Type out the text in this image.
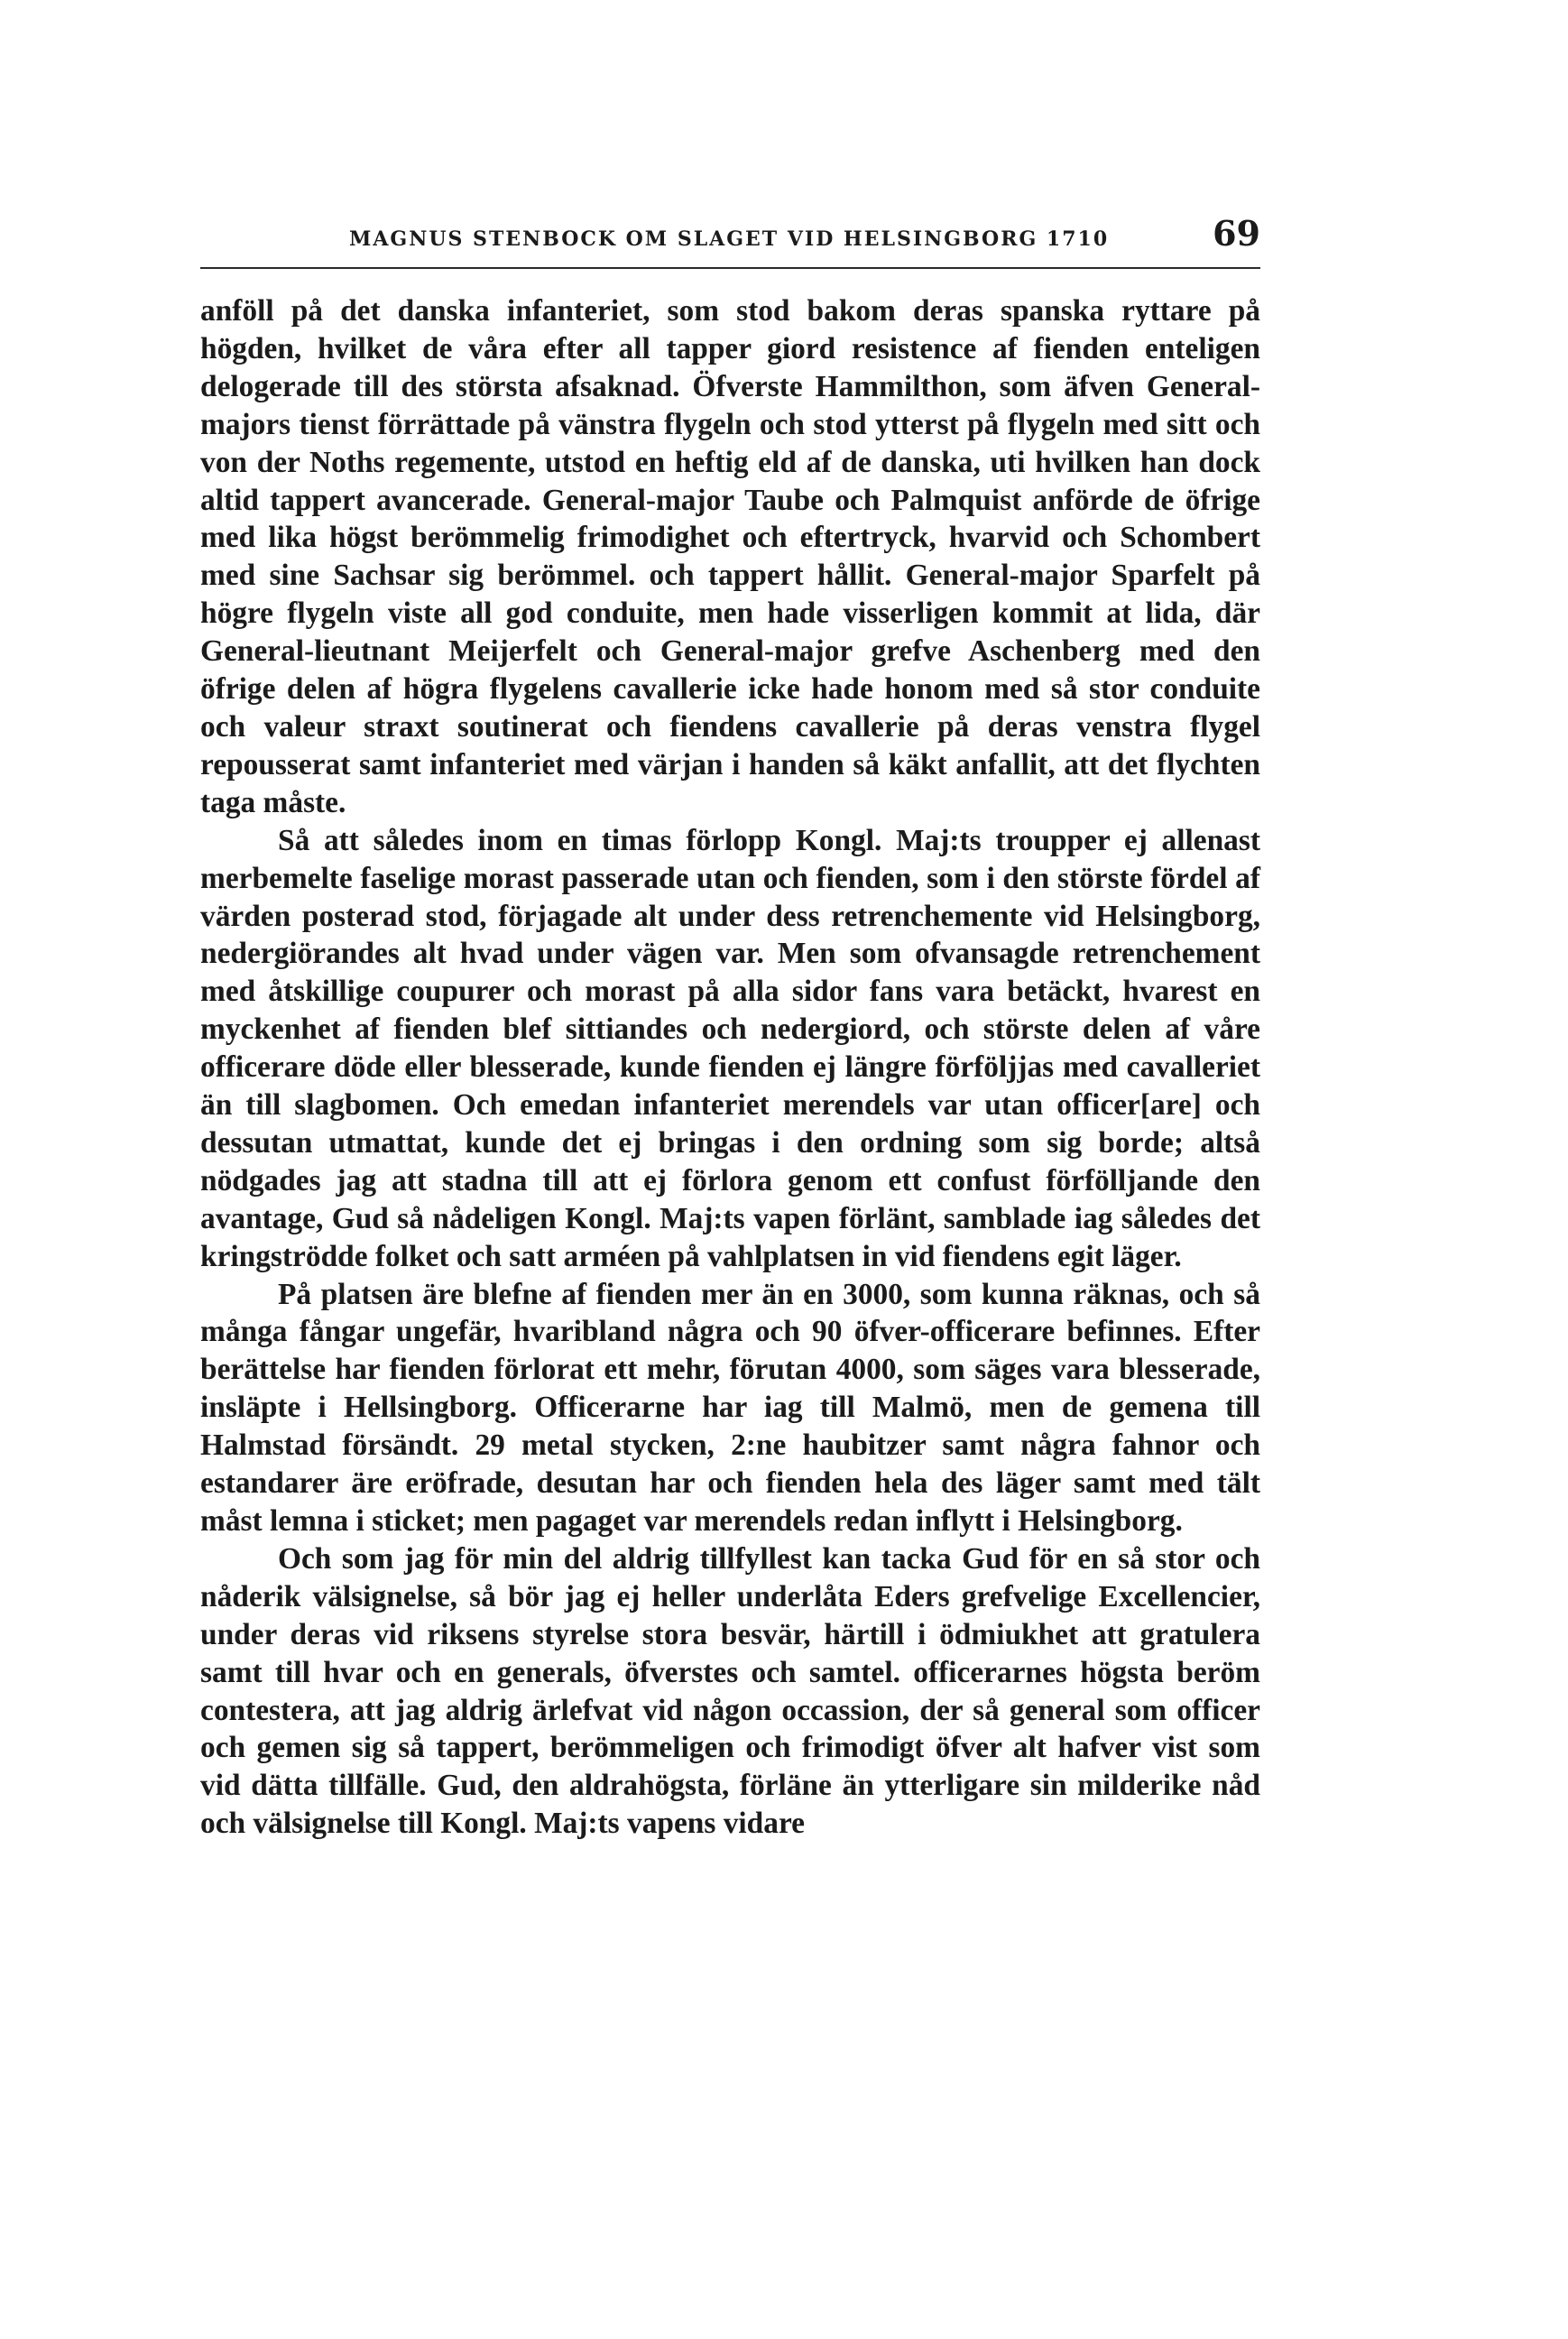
MAGNUS STENBOCK OM SLAGET VID HELSINGBORG 1710	69

anföll på det danska infanteriet, som stod bakom deras spanska ryttare på högden, hvilket de våra efter all tapper giord resistence af fienden enteligen delogerade till des största afsaknad. Öfverste Hammilthon, som äfven General-majors tienst förrättade på vänstra flygeln och stod ytterst på flygeln med sitt och von der Noths regemente, utstod en heftig eld af de danska, uti hvilken han dock altid tappert avancerade. General-major Taube och Palmquist anförde de öfrige med lika högst berömmelig frimodighet och eftertryck, hvarvid och Schombert med sine Sachsar sig berömmel. och tappert hållit. General-major Sparfelt på högre flygeln viste all god conduite, men hade visserligen kommit at lida, där General-lieutnant Meijerfelt och General-major grefve Aschenberg med den öfrige delen af högra flygelens cavallerie icke hade honom med så stor conduite och valeur straxt soutinerat och fiendens cavallerie på deras venstra flygel repousserat samt infanteriet med värjan i handen så käkt anfallit, att det flychten taga måste.

Så att således inom en timas förlopp Kongl. Maj:ts troupper ej allenast merbemelte faselige morast passerade utan och fienden, som i den störste fördel af värden posterad stod, förjagade alt under dess retrenchemente vid Helsingborg, nedergiörandes alt hvad under vägen var. Men som ofvansagde retrenchement med åtskillige coupurer och morast på alla sidor fans vara betäckt, hvarest en myckenhet af fienden blef sittiandes och nedergiord, och störste delen af våre officerare döde eller blesserade, kunde fienden ej längre förföljjas med cavalleriet än till slagbomen. Och emedan infanteriet merendels var utan officer[are] och dessutan utmattat, kunde det ej bringas i den ordning som sig borde; altså nödgades jag att stadna till att ej förlora genom ett confust förfölljande den avantage, Gud så nådeligen Kongl. Maj:ts vapen förlänt, samblade iag således det kringströdde folket och satt arméen på vahlplatsen in vid fiendens egit läger.

På platsen äre blefne af fienden mer än en 3000, som kunna räknas, och så många fångar ungefär, hvaribland några och 90 öfver-officerare befinnes. Efter berättelse har fienden förlorat ett mehr, förutan 4000, som säges vara blesserade, insläpte i Hellsingborg. Officerarne har iag till Malmö, men de gemena till Halmstad försändt. 29 metal stycken, 2:ne haubitzer samt några fahnor och estandarer äre eröfrade, desutan har och fienden hela des läger samt med tält måst lemna i sticket; men pagaget var merendels redan inflytt i Helsingborg.

Och som jag för min del aldrig tillfyllest kan tacka Gud för en så stor och nåderik välsignelse, så bör jag ej heller underlåta Eders grefvelige Excellencier, under deras vid riksens styrelse stora besvär, härtill i ödmiukhet att gratulera samt till hvar och en generals, öfverstes och samtel. officerarnes högsta beröm contestera, att jag aldrig ärlefvat vid någon occassion, der så general som officer och gemen sig så tappert, berömmeligen och frimodigt öfver alt hafver vist som vid dätta tillfälle. Gud, den aldrahögsta, förläne än ytterligare sin milderike nåd och välsignelse till Kongl. Maj:ts vapens vidare
